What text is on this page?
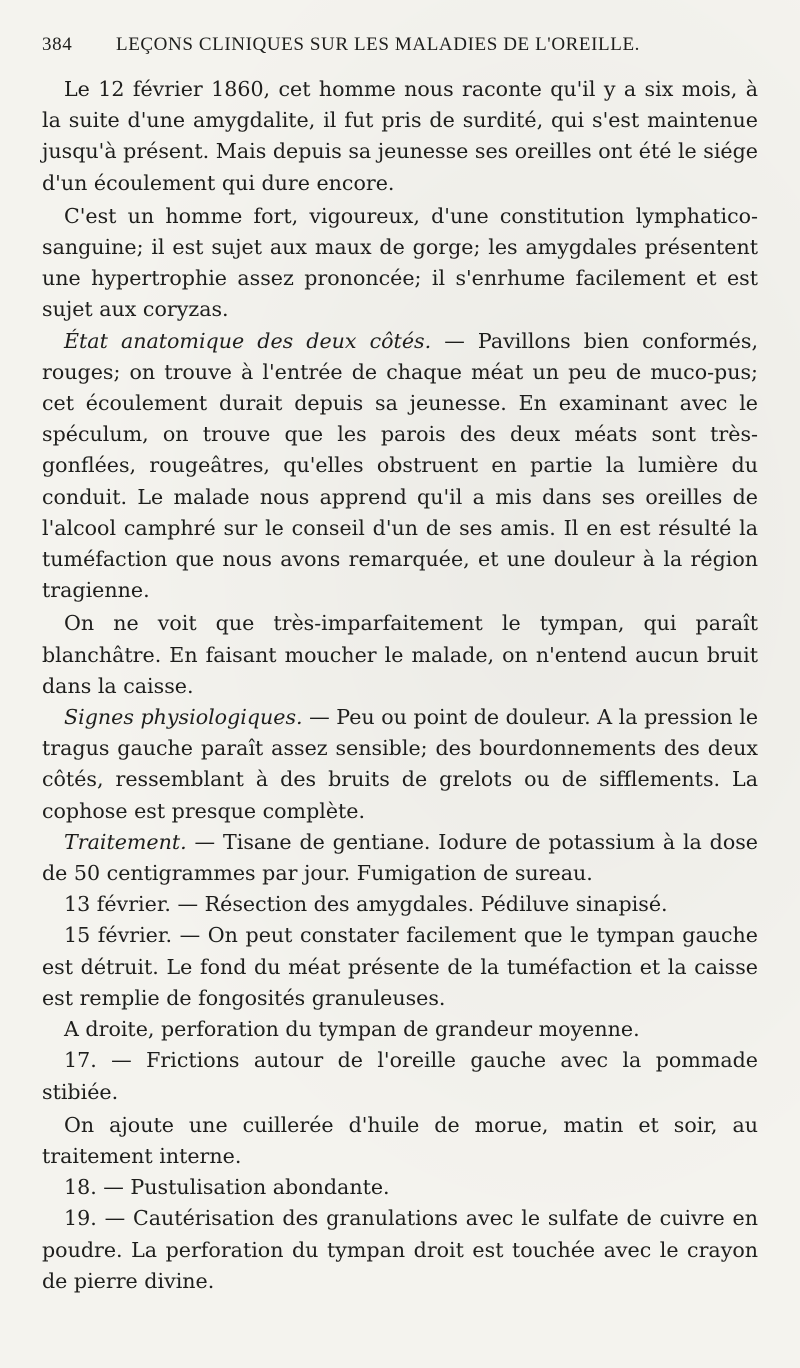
384	LEÇONS CLINIQUES SUR LES MALADIES DE L'OREILLE.

Le 12 février 1860, cet homme nous raconte qu'il y a six mois, à la suite d'une amygdalite, il fut pris de surdité, qui s'est maintenue jusqu'à présent. Mais depuis sa jeunesse ses oreilles ont été le siége d'un écoulement qui dure encore.

C'est un homme fort, vigoureux, d'une constitution lymphatico-sanguine; il est sujet aux maux de gorge; les amygdales présentent une hypertrophie assez prononcée; il s'enrhume facilement et est sujet aux coryzas.

État anatomique des deux côtés. — Pavillons bien conformés, rouges; on trouve à l'entrée de chaque méat un peu de muco-pus; cet écoulement durait depuis sa jeunesse. En examinant avec le spéculum, on trouve que les parois des deux méats sont très-gonflées, rougeâtres, qu'elles obstruent en partie la lumière du conduit. Le malade nous apprend qu'il a mis dans ses oreilles de l'alcool camphré sur le conseil d'un de ses amis. Il en est résulté la tuméfaction que nous avons remarquée, et une douleur à la région tragienne.

On ne voit que très-imparfaitement le tympan, qui paraît blanchâtre. En faisant moucher le malade, on n'entend aucun bruit dans la caisse.

Signes physiologiques. — Peu ou point de douleur. A la pression le tragus gauche paraît assez sensible; des bourdonnements des deux côtés, ressemblant à des bruits de grelots ou de sifflements. La cophose est presque complète.

Traitement. — Tisane de gentiane. Iodure de potassium à la dose de 50 centigrammes par jour. Fumigation de sureau.

13 février. — Résection des amygdales. Pédiluve sinapisé.

15 février. — On peut constater facilement que le tympan gauche est détruit. Le fond du méat présente de la tuméfaction et la caisse est remplie de fongosités granuleuses.

A droite, perforation du tympan de grandeur moyenne.

17. — Frictions autour de l'oreille gauche avec la pommade stibiée.

On ajoute une cuillerée d'huile de morue, matin et soir, au traitement interne.

18. — Pustulisation abondante.

19. — Cautérisation des granulations avec le sulfate de cuivre en poudre. La perforation du tympan droit est touchée avec le crayon de pierre divine.
